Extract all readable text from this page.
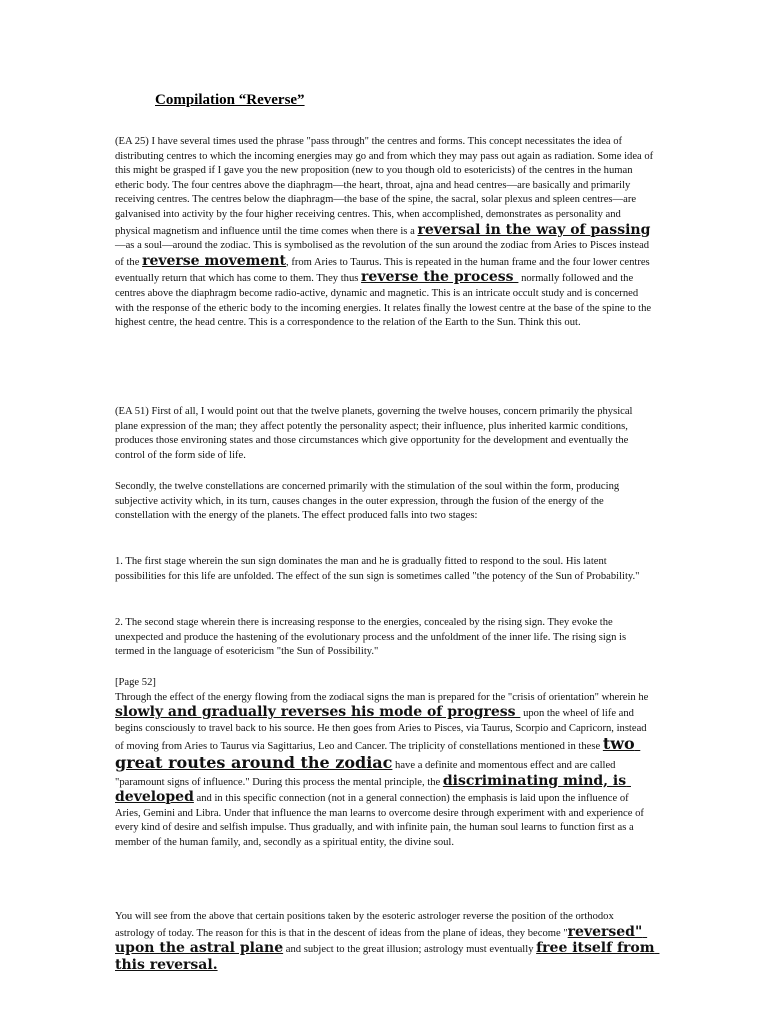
Compilation “Reverse”

(EA 25) I have several times used the phrase "pass through" the centres and forms. This concept necessitates the idea of distributing centres to which the incoming energies may go and from which they may pass out again as radiation. Some idea of this might be grasped if I gave you the new proposition (new to you though old to esotericists) of the centres in the human etheric body. The four centres above the diaphragm—the heart, throat, ajna and head centres—are basically and primarily receiving centres. The centres below the diaphragm—the base of the spine, the sacral, solar plexus and spleen centres—are galvanised into activity by the four higher receiving centres. This, when accomplished, demonstrates as personality and physical magnetism and influence until the time comes when there is a reversal in the way of passing—as a soul—around the zodiac. This is symbolised as the revolution of the sun around the zodiac from Aries to Pisces instead of the reverse movement, from Aries to Taurus. This is repeated in the human frame and the four lower centres eventually return that which has come to them. They thus reverse the process  normally followed and the centres above the diaphragm become radio-active, dynamic and magnetic. This is an intricate occult study and is concerned with the response of the etheric body to the incoming energies. It relates finally the lowest centre at the base of the spine to the highest centre, the head centre. This is a correspondence to the relation of the Earth to the Sun. Think this out.

(EA 51) First of all, I would point out that the twelve planets, governing the twelve houses, concern primarily the physical plane expression of the man; they affect potently the personality aspect; their influence, plus inherited karmic conditions, produces those environing states and those circumstances which give opportunity for the development and eventually the control of the form side of life.

Secondly, the twelve constellations are concerned primarily with the stimulation of the soul within the form, producing subjective activity which, in its turn, causes changes in the outer expression, through the fusion of the energy of the constellation with the energy of the planets. The effect produced falls into two stages:

1. The first stage wherein the sun sign dominates the man and he is gradually fitted to respond to the soul. His latent possibilities for this life are unfolded. The effect of the sun sign is sometimes called "the potency of the Sun of Probability."

2. The second stage wherein there is increasing response to the energies, concealed by the rising sign. They evoke the unexpected and produce the hastening of the evolutionary process and the unfoldment of the inner life. The rising sign is termed in the language of esotericism "the Sun of Possibility."

[Page 52]
Through the effect of the energy flowing from the zodiacal signs the man is prepared for the "crisis of orientation" wherein he slowly and gradually reverses his mode of progress  upon the wheel of life and begins consciously to travel back to his source. He then goes from Aries to Pisces, via Taurus, Scorpio and Capricorn, instead of moving from Aries to Taurus via Sagittarius, Leo and Cancer. The triplicity of constellations mentioned in these two great routes around the zodiac have a definite and momentous effect and are called "paramount signs of influence." During this process the mental principle, the discriminating mind, is developed and in this specific connection (not in a general connection) the emphasis is laid upon the influence of Aries, Gemini and Libra. Under that influence the man learns to overcome desire through experiment with and experience of every kind of desire and selfish impulse. Thus gradually, and with infinite pain, the human soul learns to function first as a member of the human family, and, secondly as a spiritual entity, the divine soul.

You will see from the above that certain positions taken by the esoteric astrologer reverse the position of the orthodox astrology of today. The reason for this is that in the descent of ideas from the plane of ideas, they become "reversed" upon the astral plane and subject to the great illusion; astrology must eventually free itself from this reversal.
